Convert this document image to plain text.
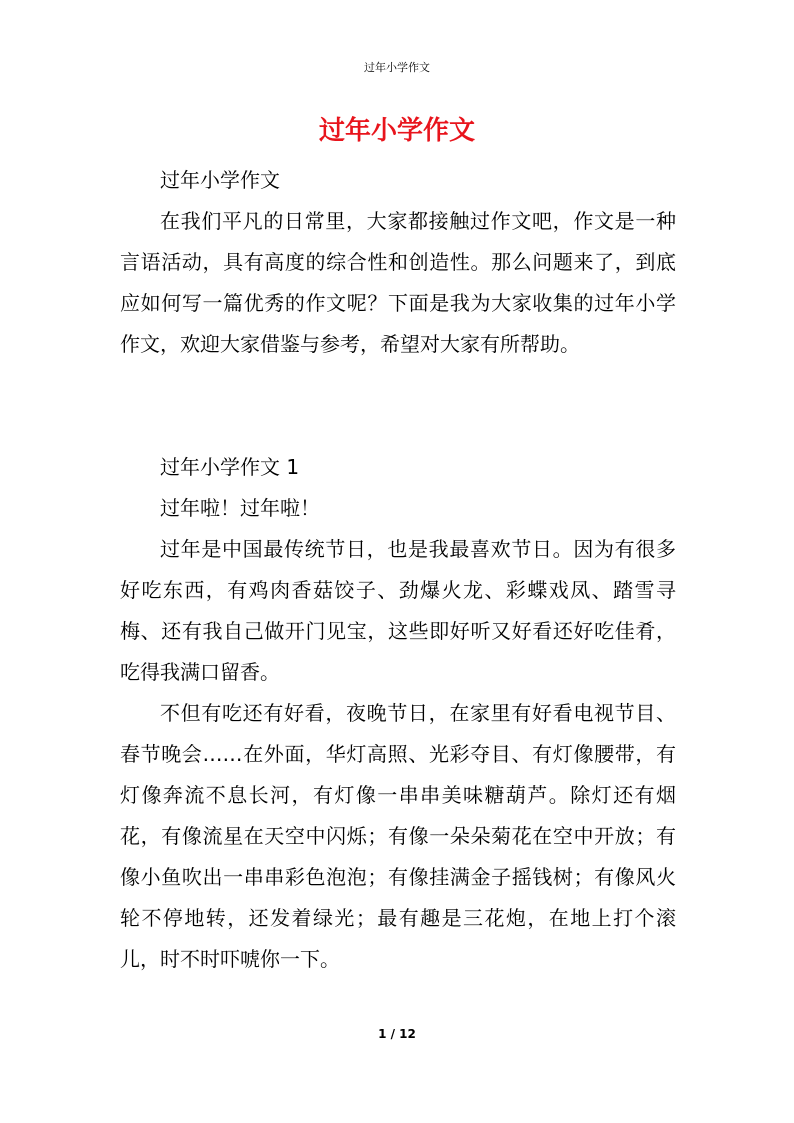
过年小学作文
过年小学作文

过年小学作文

在我们平凡的日常里，大家都接触过作文吧，作文是一种言语活动，具有高度的综合性和创造性。那么问题来了，到底应如何写一篇优秀的作文呢？下面是我为大家收集的过年小学作文，欢迎大家借鉴与参考，希望对大家有所帮助。

过年小学作文 1

过年啦！过年啦！

过年是中国最传统节日，也是我最喜欢节日。因为有很多好吃东西，有鸡肉香菇饺子、劲爆火龙、彩蝶戏凤、踏雪寻梅、还有我自己做开门见宝，这些即好听又好看还好吃佳肴，吃得我满口留香。

不但有吃还有好看，夜晚节日，在家里有好看电视节目、春节晚会……在外面，华灯高照、光彩夺目、有灯像腰带，有灯像奔流不息长河，有灯像一串串美味糖葫芦。除灯还有烟花，有像流星在天空中闪烁；有像一朵朵菊花在空中开放；有像小鱼吹出一串串彩色泡泡；有像挂满金子摇钱树；有像风火轮不停地转，还发着绿光；最有趣是三花炮，在地上打个滚儿，时不时吓唬你一下。

1 / 12
